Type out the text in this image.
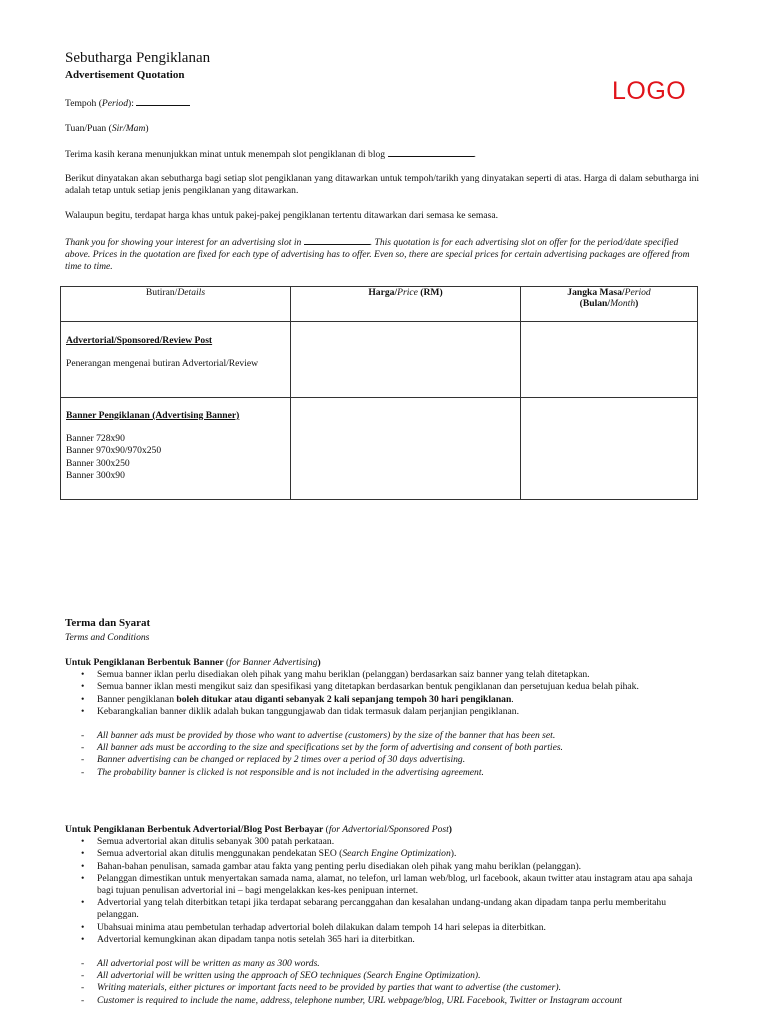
Sebutharga Pengiklanan
Advertisement Quotation
LOGO
Tempoh (Period):
Tuan/Puan (Sir/Mam)
Terima kasih kerana menunjukkan minat untuk menempah slot pengiklanan di blog	.
Berikut dinyatakan akan sebutharga bagi setiap slot pengiklanan yang ditawarkan untuk tempoh/tarikh yang dinyatakan seperti di atas. Harga di dalam sebutharga ini adalah tetap untuk setiap jenis pengiklanan yang ditawarkan.
Walaupun begitu, terdapat harga khas untuk pakej-pakej pengiklanan tertentu ditawarkan dari semasa ke semasa.
Thank you for showing your interest for an advertising slot in	. This quotation is for each advertising slot on offer for the period/date specified above. Prices in the quotation are fixed for each type of advertising has to offer. Even so, there are special prices for certain advertising packages are offered from time to time.
Butiran/Details	Harga/Price (RM)	Jangka Masa/Period
(Bulan/Month)

Advertorial/Sponsored/Review Post
Penerangan mengenai butiran Advertorial/Review		

Banner Pengiklanan (Advertising Banner)
Banner 728x90
Banner 970x90/970x250
Banner 300x250
Banner 300x90		

Terma dan Syarat
Terms and Conditions
Untuk Pengiklanan Berbentuk Banner (for Banner Advertising)
• Semua banner iklan perlu disediakan oleh pihak yang mahu beriklan (pelanggan) berdasarkan saiz banner yang telah ditetapkan.
• Semua banner iklan mesti mengikut saiz dan spesifikasi yang ditetapkan berdasarkan bentuk pengiklanan dan persetujuan kedua belah pihak.
• Banner pengiklanan boleh ditukar atau diganti sebanyak 2 kali sepanjang tempoh 30 hari pengiklanan.
• Kebarangkalian banner diklik adalah bukan tanggungjawab dan tidak termasuk dalam perjanjian pengiklanan.
- All banner ads must be provided by those who want to advertise (customers) by the size of the banner that has been set.
- All banner ads must be according to the size and specifications set by the form of advertising and consent of both parties.
- Banner advertising can be changed or replaced by 2 times over a period of 30 days advertising.
- The probability banner is clicked is not responsible and is not included in the advertising agreement.
Untuk Pengiklanan Berbentuk Advertorial/Blog Post Berbayar (for Advertorial/Sponsored Post)
• Semua advertorial akan ditulis sebanyak 300 patah perkataan.
• Semua advertorial akan ditulis menggunakan pendekatan SEO (Search Engine Optimization).
• Bahan-bahan penulisan, samada gambar atau fakta yang penting perlu disediakan oleh pihak yang mahu beriklan (pelanggan).
• Pelanggan dimestikan untuk menyertakan samada nama, alamat, no telefon, url laman web/blog, url facebook, akaun twitter atau instagram atau apa sahaja bagi tujuan penulisan advertorial ini – bagi mengelakkan kes-kes penipuan internet.
• Advertorial yang telah diterbitkan tetapi jika terdapat sebarang percanggahan dan kesalahan undang-undang akan dipadam tanpa perlu memberitahu pelanggan.
• Ubahsuai minima atau pembetulan terhadap advertorial boleh dilakukan dalam tempoh 14 hari selepas ia diterbitkan.
• Advertorial kemungkinan akan dipadam tanpa notis setelah 365 hari ia diterbitkan.
- All advertorial post will be written as many as 300 words.
- All advertorial will be written using the approach of SEO techniques (Search Engine Optimization).
- Writing materials, either pictures or important facts need to be provided by parties that want to advertise (the customer).
- Customer is required to include the name, address, telephone number, URL webpage/blog, URL Facebook, Twitter or Instagram account
